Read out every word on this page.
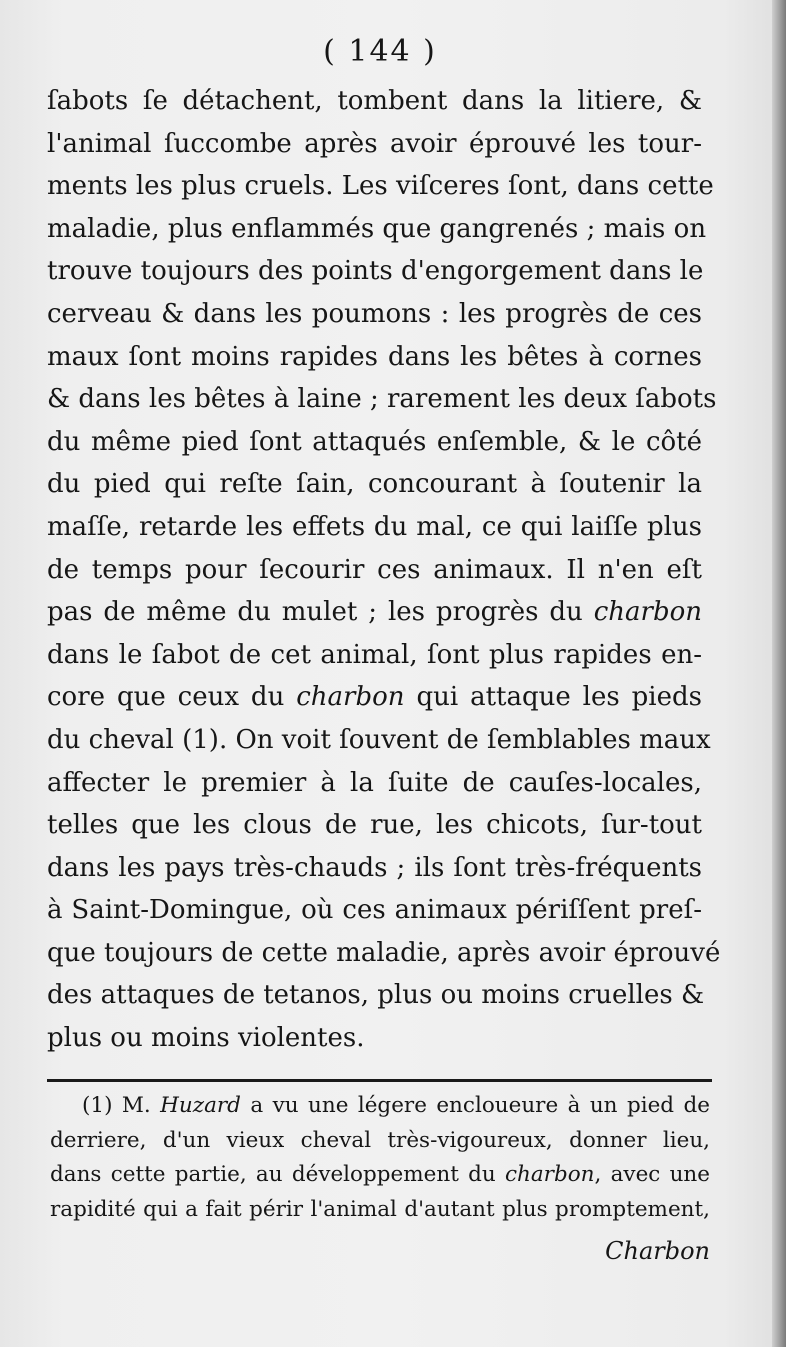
( 144 )
ſabots ſe détachent, tombent dans la litiere, &
l'animal ſuccombe après avoir éprouvé les tour-
ments les plus cruels. Les viſceres ſont, dans cette
maladie, plus enflammés que gangrenés ; mais on
trouve toujours des points d'engorgement dans le
cerveau & dans les poumons : les progrès de ces
maux ſont moins rapides dans les bêtes à cornes
& dans les bêtes à laine ; rarement les deux ſabots
du même pied ſont attaqués enſemble, & le côté
du pied qui reſte ſain, concourant à ſoutenir la
maſſe, retarde les effets du mal, ce qui laiſſe plus
de temps pour ſecourir ces animaux. Il n'en eſt
pas de même du mulet ; les progrès du charbon
dans le ſabot de cet animal, ſont plus rapides en-
core que ceux du charbon qui attaque les pieds
du cheval (1). On voit ſouvent de ſemblables maux
affecter le premier à la ſuite de cauſes-locales,
telles que les clous de rue, les chicots, ſur-tout
dans les pays très-chauds ; ils ſont très-fréquents
à Saint-Domingue, où ces animaux périſſent preſ-
que toujours de cette maladie, après avoir éprouvé
des attaques de tetanos, plus ou moins cruelles &
plus ou moins violentes.
(1) M. Huzard a vu une légere encloueure à un pied de
derriere, d'un vieux cheval très-vigoureux, donner lieu,
dans cette partie, au développement du charbon, avec une
rapidité qui a fait périr l'animal d'autant plus promptement,
Charbon
